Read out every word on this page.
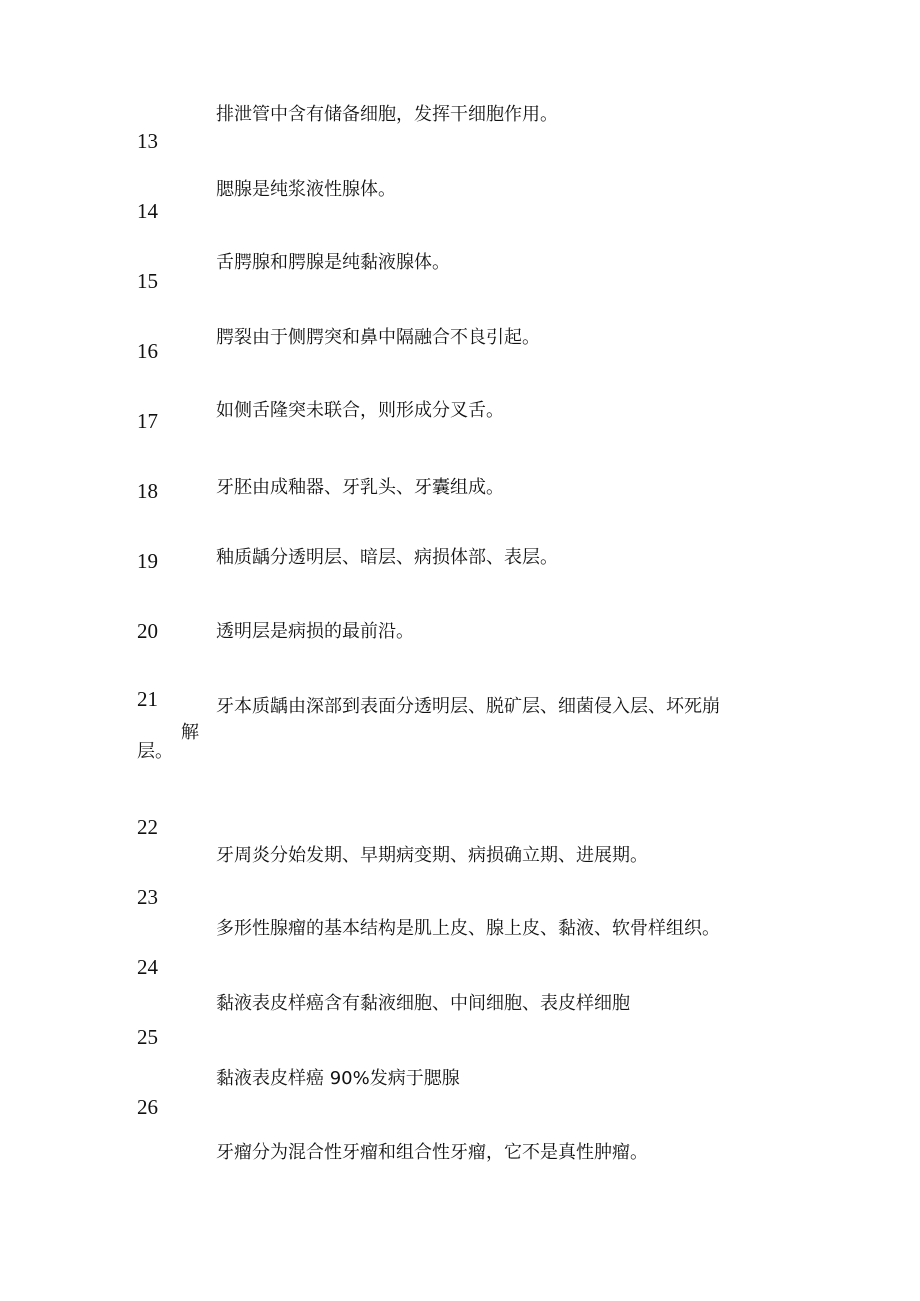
排泄管中含有储备细胞，发挥干细胞作用。
13
腮腺是纯浆液性腺体。
14
舌腭腺和腭腺是纯黏液腺体。
15
腭裂由于侧腭突和鼻中隔融合不良引起。
16
如侧舌隆突未联合，则形成分叉舌。
17
牙胚由成釉器、牙乳头、牙囊组成。
18
釉质龋分透明层、暗层、病损体部、表层。
19
20	透明层是病损的最前沿。
21	牙本质龋由深部到表面分透明层、脱矿层、细菌侵入层、坏死崩
解
层。
22
牙周炎分始发期、早期病变期、病损确立期、进展期。
23
多形性腺瘤的基本结构是肌上皮、腺上皮、黏液、软骨样组织。
24
黏液表皮样癌含有黏液细胞、中间细胞、表皮样细胞
25
黏液表皮样癌 90%发病于腮腺
26
牙瘤分为混合性牙瘤和组合性牙瘤，它不是真性肿瘤。
